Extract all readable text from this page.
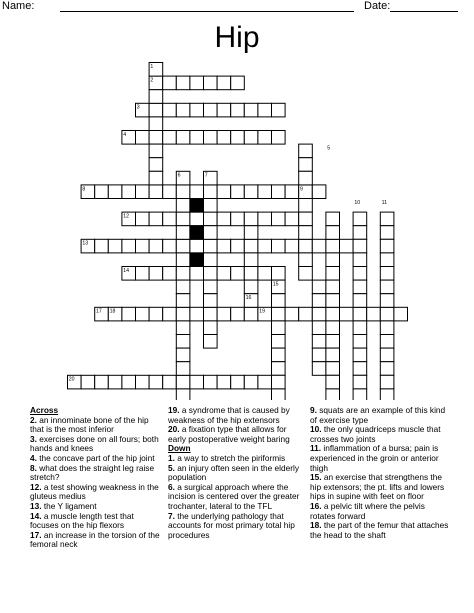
Name:	Date:
Hip
1
2
3
4
5
6	7
8	9
10	11
12
13
14
15
16
17 18	19
20
Across
2. an innominate bone of the hip that is the most inferior
3. exercises done on all fours; both hands and knees
4. the concave part of the hip joint
8. what does the straight leg raise stretch?
12. a test showing weakness in the gluteus medius
13. the Y ligament
14. a muscle length test that focuses on the hip flexors
17. an increase in the torsion of the femoral neck
19. a syndrome that is caused by weakness of the hip extensors
20. a fixation type that allows for early postoperative weight baring
Down
1. a way to stretch the piriformis
5. an injury often seen in the elderly population
6. a surgical approach where the incision is centered over the greater trochanter, lateral to the TFL
7. the underlying pathology that accounts for most primary total hip procedures
9. squats are an example of this kind of exercise type
10. the only quadriceps muscle that crosses two joints
11. inflammation of a bursa; pain is experienced in the groin or anterior thigh
15. an exercise that strengthens the hip extensors; the pt. lifts and lowers hips in supine with feet on floor
16. a pelvic tilt where the pelvis rotates forward
18. the part of the femur that attaches the head to the shaft
